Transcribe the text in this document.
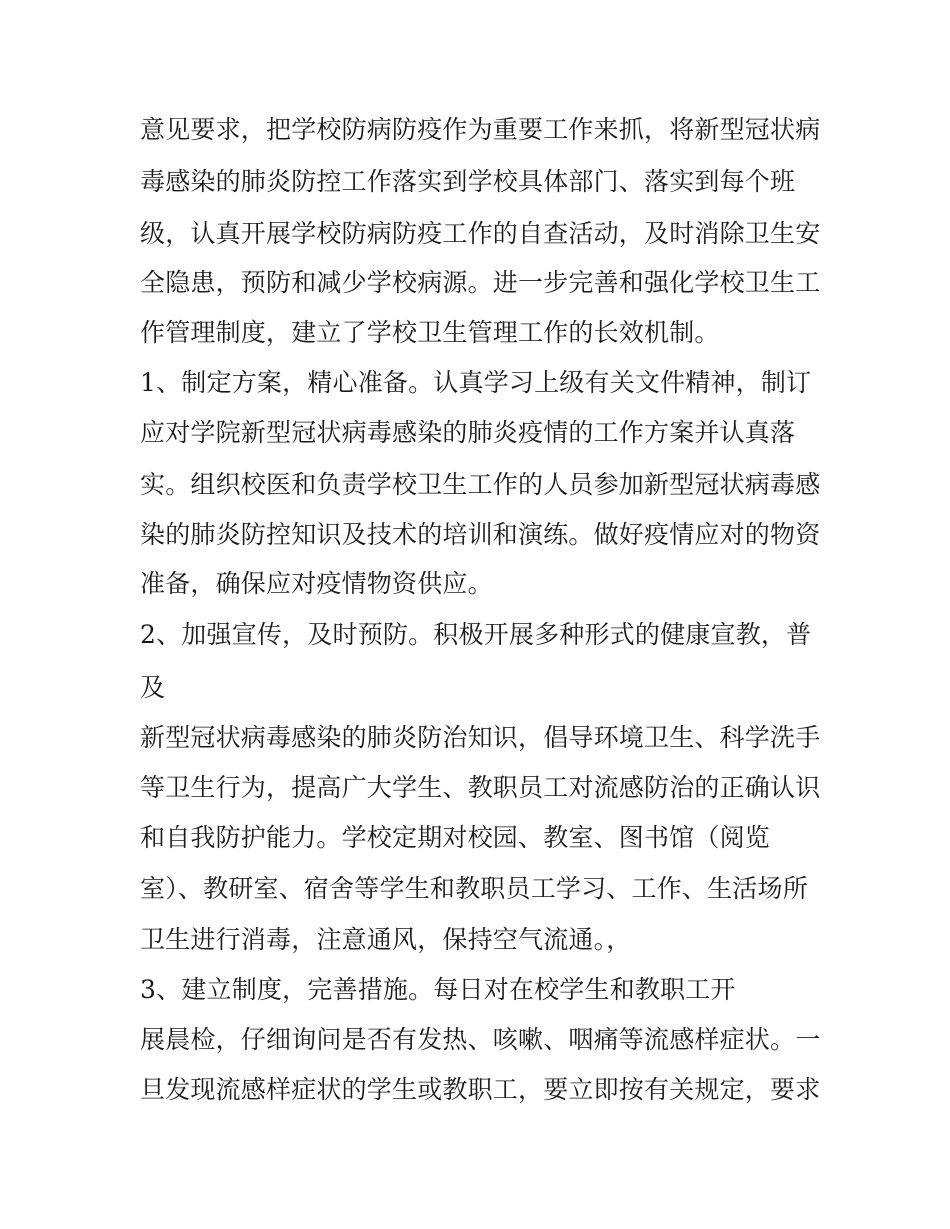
意见要求，把学校防病防疫作为重要工作来抓，将新型冠状病
毒感染的肺炎防控工作落实到学校具体部门、落实到每个班
级，认真开展学校防病防疫工作的自查活动，及时消除卫生安
全隐患，预防和减少学校病源。进一步完善和强化学校卫生工
作管理制度，建立了学校卫生管理工作的长效机制。
1、制定方案，精心准备。认真学习上级有关文件精神，制订
应对学院新型冠状病毒感染的肺炎疫情的工作方案并认真落
实。组织校医和负责学校卫生工作的人员参加新型冠状病毒感
染的肺炎防控知识及技术的培训和演练。做好疫情应对的物资
准备，确保应对疫情物资供应。
2、加强宣传，及时预防。积极开展多种形式的健康宣教，普
及
新型冠状病毒感染的肺炎防治知识，倡导环境卫生、科学洗手
等卫生行为，提高广大学生、教职员工对流感防治的正确认识
和自我防护能力。学校定期对校园、教室、图书馆（阅览
室）、教研室、宿舍等学生和教职员工学习、工作、生活场所
卫生进行消毒，注意通风，保持空气流通。，
3、建立制度，完善措施。每日对在校学生和教职工开
展晨检，仔细询问是否有发热、咳嗽、咽痛等流感样症状。一
旦发现流感样症状的学生或教职工，要立即按有关规定，要求
